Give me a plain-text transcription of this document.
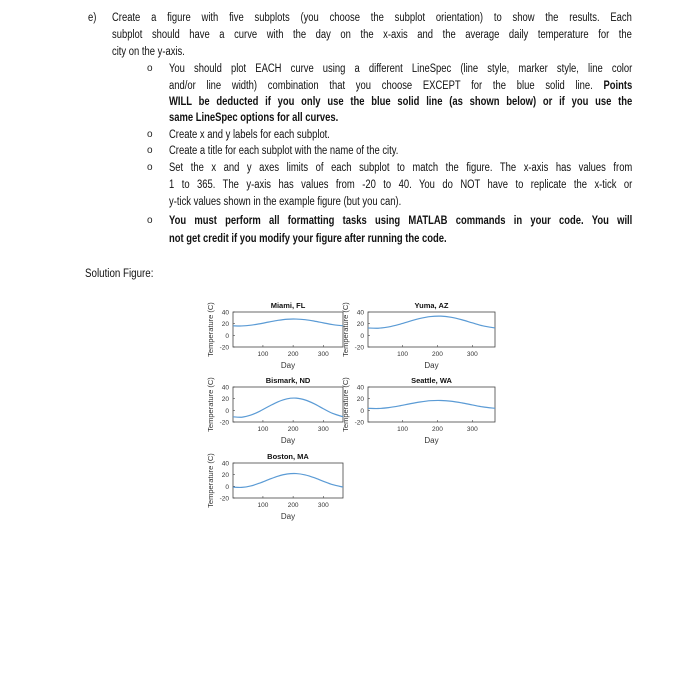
e) Create a figure with five subplots (you choose the subplot orientation) to show the results. Each
subplot should have a curve with the day on the x-axis and the average daily temperature for the
city on the y-axis.
o You should plot EACH curve using a different LineSpec (line style, marker style, line color
and/or line width) combination that you choose EXCEPT for the blue solid line. Points
WILL be deducted if you only use the blue solid line (as shown below) or if you use the
same LineSpec options for all curves.
o Create x and y labels for each subplot.
o Create a title for each subplot with the name of the city.
o Set the x and y axes limits of each subplot to match the figure. The x-axis has values from
1 to 365. The y-axis has values from -20 to 40. You do NOT have to replicate the x-tick or
y-tick values shown in the example figure (but you can).
o You must perform all formatting tasks using MATLAB commands in your code. You will
not get credit if you modify your figure after running the code.
Solution Figure:
Miami, FL
40
20
0
-20
100	200	300
Day
Temperature (C)	Yuma, AZ
40
20
0
-20
100	200	300
Day
Temperature (C)
Bismark, ND
40
20
0
-20
100	200	300
Day
Temperature (C)	Seattle, WA
40
20
0
-20
100	200	300
Day
Temperature (C)
Boston, MA
40
20
0
-20
100	200	300
Day
Temperature (C)
